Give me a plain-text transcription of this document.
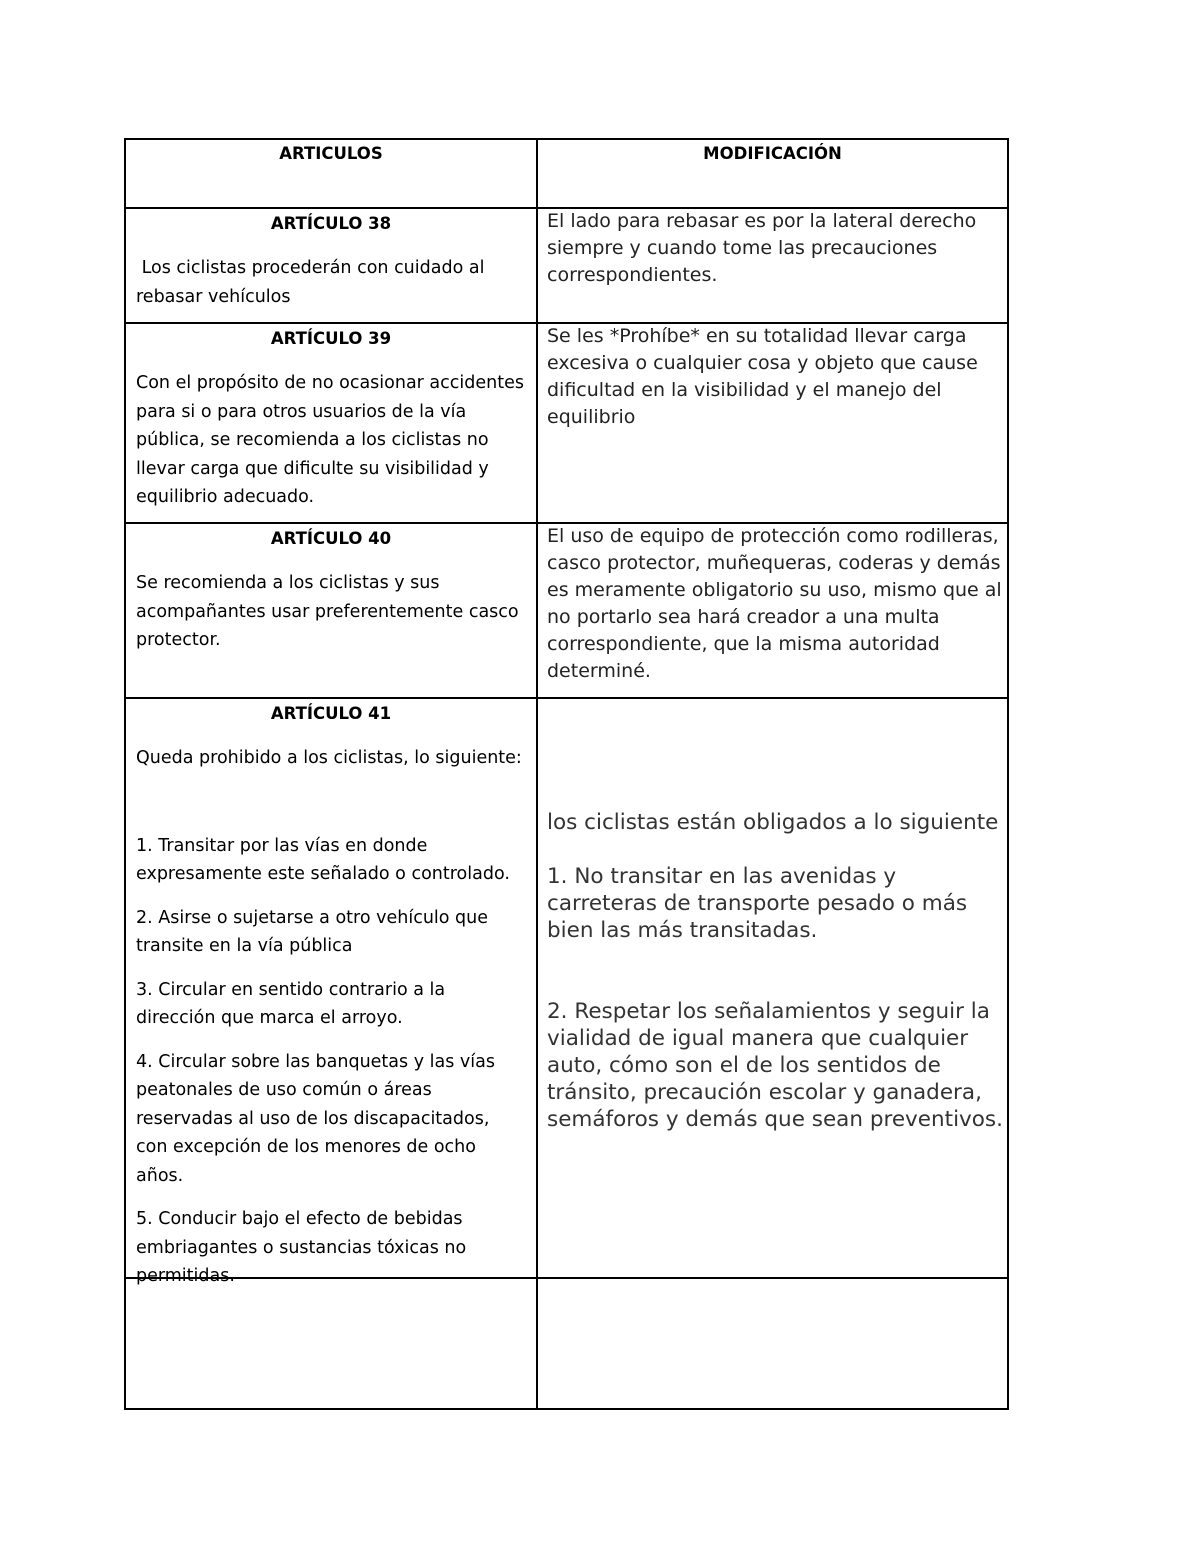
ARTICULOS	MODIFICACIÓN
ARTÍCULO 38

Los ciclistas procederán con cuidado al rebasar vehículos

El lado para rebasar es por la lateral derecho siempre y cuando tome las precauciones correspondientes.
ARTÍCULO 39

Con el propósito de no ocasionar accidentes para si o para otros usuarios de la vía pública, se recomienda a los ciclistas no llevar carga que dificulte su visibilidad y equilibrio adecuado.

Se les *Prohíbe* en su totalidad llevar carga excesiva o cualquier cosa y objeto que cause dificultad en la visibilidad y el manejo del equilibrio
ARTÍCULO 40

Se recomienda a los ciclistas y sus acompañantes usar preferentemente casco protector.

El uso de equipo de protección como rodilleras, casco protector, muñequeras, coderas y demás es meramente obligatorio su uso, mismo que al no portarlo sea hará creador a una multa correspondiente, que la misma autoridad determiné.
ARTÍCULO 41

Queda prohibido a los ciclistas, lo siguiente:

1. Transitar por las vías en donde expresamente este señalado o controlado.

2. Asirse o sujetarse a otro vehículo que transite en la vía pública

3. Circular en sentido contrario a la dirección que marca el arroyo.

4. Circular sobre las banquetas y las vías peatonales de uso común o áreas reservadas al uso de los discapacitados, con excepción de los menores de ocho años.

5. Conducir bajo el efecto de bebidas embriagantes o sustancias tóxicas no permitidas.

los ciclistas están obligados a lo siguiente

1. No transitar en las avenidas y carreteras de transporte pesado o más bien las más transitadas.

2. Respetar los señalamientos y seguir la vialidad de igual manera que cualquier auto, cómo son el de los sentidos de tránsito, precaución escolar y ganadera, semáforos y demás que sean preventivos.
